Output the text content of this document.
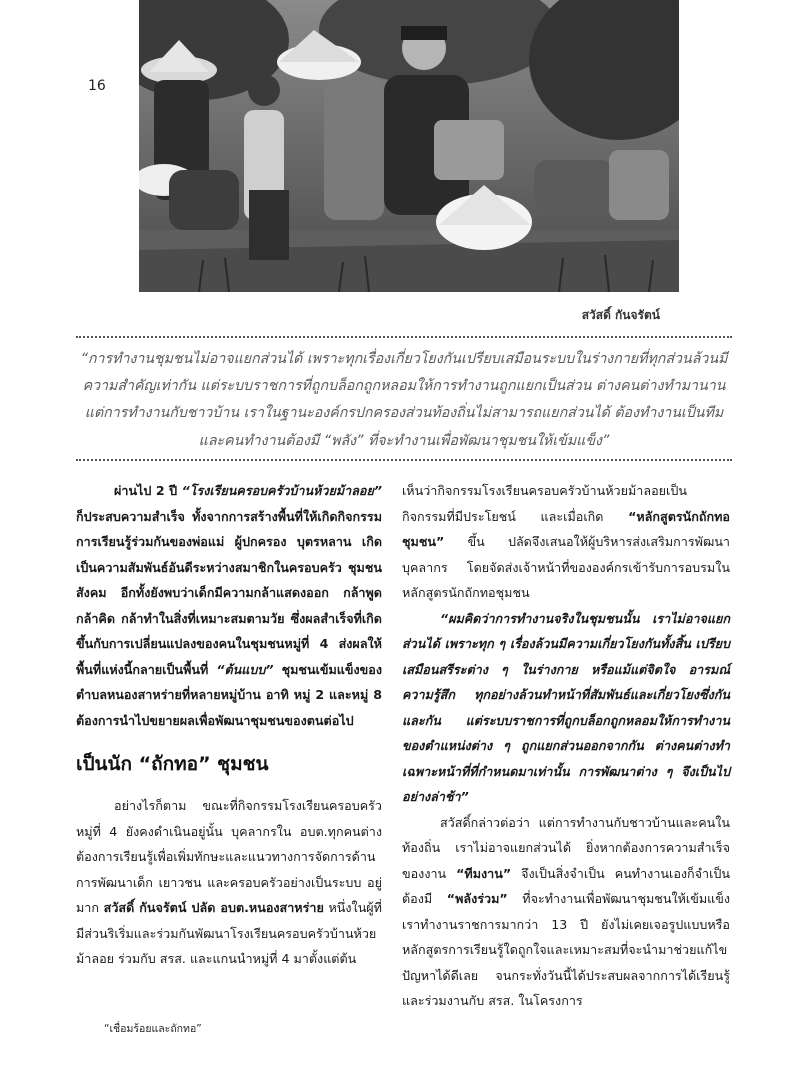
16
สวัสดิ์ กันจรัตน์
“การทำงานชุมชนไม่อาจแยกส่วนได้ เพราะทุกเรื่องเกี่ยวโยงกันเปรียบเสมือนระบบในร่างกายที่ทุกส่วนล้วนมี
ความสำคัญเท่ากัน แต่ระบบราชการที่ถูกบล็อกถูกหลอมให้การทำงานถูกแยกเป็นส่วน ต่างคนต่างทำมานาน
แต่การทำงานกับชาวบ้าน เราในฐานะองค์กรปกครองส่วนท้องถิ่นไม่สามารถแยกส่วนได้ ต้องทำงานเป็นทีม
และคนทำงานต้องมี “พลัง” ที่จะทำงานเพื่อพัฒนาชุมชนให้เข้มแข็ง”

ผ่านไป 2 ปี “โรงเรียนครอบครัวบ้านห้วยม้าลอย” ก็ประสบความสำเร็จ ทั้งจากการสร้างพื้นที่ให้เกิดกิจกรรมการเรียนรู้ร่วมกันของพ่อแม่ ผู้ปกครอง บุตรหลาน เกิดเป็นความสัมพันธ์อันดีระหว่างสมาชิกในครอบครัว ชุมชน สังคม อีกทั้งยังพบว่าเด็กมีความกล้าแสดงออก กล้าพูด กล้าคิด กล้าทำในสิ่งที่เหมาะสมตามวัย ซึ่งผลสำเร็จที่เกิดขึ้นกับการเปลี่ยนแปลงของคนในชุมชนหมู่ที่ 4 ส่งผลให้พื้นที่แห่งนี้กลายเป็นพื้นที่ “ต้นแบบ” ชุมชนเข้มแข็งของตำบลหนองสาหร่ายที่หลายหมู่บ้าน อาทิ หมู่ 2 และหมู่ 8 ต้องการนำไปขยายผลเพื่อพัฒนาชุมชนของตนต่อไป

เป็นนัก “ถักทอ” ชุมชน

อย่างไรก็ตาม ขณะที่กิจกรรมโรงเรียนครอบครัวหมู่ที่ 4 ยังคงดำเนินอยู่นั้น บุคลากรใน อบต.ทุกคนต่างต้องการเรียนรู้เพื่อเพิ่มทักษะและแนวทางการจัดการด้านการพัฒนาเด็ก เยาวชน และครอบครัวอย่างเป็นระบบ อยู่มาก สวัสดิ์ กันจรัตน์ ปลัด อบต.หนองสาหร่าย หนึ่งในผู้ที่มีส่วนริเริ่มและร่วมกันพัฒนาโรงเรียนครอบครัวบ้านห้วยม้าลอย ร่วมกับ สรส. และแกนนำหมู่ที่ 4 มาตั้งแต่ต้น

เห็นว่ากิจกรรมโรงเรียนครอบครัวบ้านห้วยม้าลอยเป็นกิจกรรมที่มีประโยชน์ และเมื่อเกิด “หลักสูตรนักถักทอชุมชน” ขึ้น ปลัดจึงเสนอให้ผู้บริหารส่งเสริมการพัฒนาบุคลากร โดยจัดส่งเจ้าหน้าที่ขององค์กรเข้ารับการอบรมในหลักสูตรนักถักทอชุมชน

“ผมคิดว่าการทำงานจริงในชุมชนนั้น เราไม่อาจแยกส่วนได้ เพราะทุก ๆ เรื่องล้วนมีความเกี่ยวโยงกันทั้งสิ้น เปรียบเสมือนสรีระต่าง ๆ ในร่างกาย หรือแม้แต่จิตใจ อารมณ์ ความรู้สึก ทุกอย่างล้วนทำหน้าที่สัมพันธ์และเกี่ยวโยงซึ่งกันและกัน แต่ระบบราชการที่ถูกบล็อกถูกหลอมให้การทำงานของตำแหน่งต่าง ๆ ถูกแยกส่วนออกจากกัน ต่างคนต่างทำเฉพาะหน้าที่ที่กำหนดมาเท่านั้น การพัฒนาต่าง ๆ จึงเป็นไปอย่างล่าช้า”

สวัสดิ์กล่าวต่อว่า แต่การทำงานกับชาวบ้านและคนในท้องถิ่น เราไม่อาจแยกส่วนได้ ยิ่งหากต้องการความสำเร็จของงาน “ทีมงาน” จึงเป็นสิ่งจำเป็น คนทำงานเองก็จำเป็นต้องมี “พลังร่วม” ที่จะทำงานเพื่อพัฒนาชุมชนให้เข้มแข็ง เราทำงานราชการมากว่า 13 ปี ยังไม่เคยเจอรูปแบบหรือหลักสูตรการเรียนรู้ใดถูกใจและเหมาะสมที่จะนำมาช่วยแก้ไขปัญหาได้ดีเลย จนกระทั่งวันนี้ได้ประสบผลจากการได้เรียนรู้ และร่วมงานกับ สรส. ในโครงการ

“เชื่อมร้อยและถักทอ”
